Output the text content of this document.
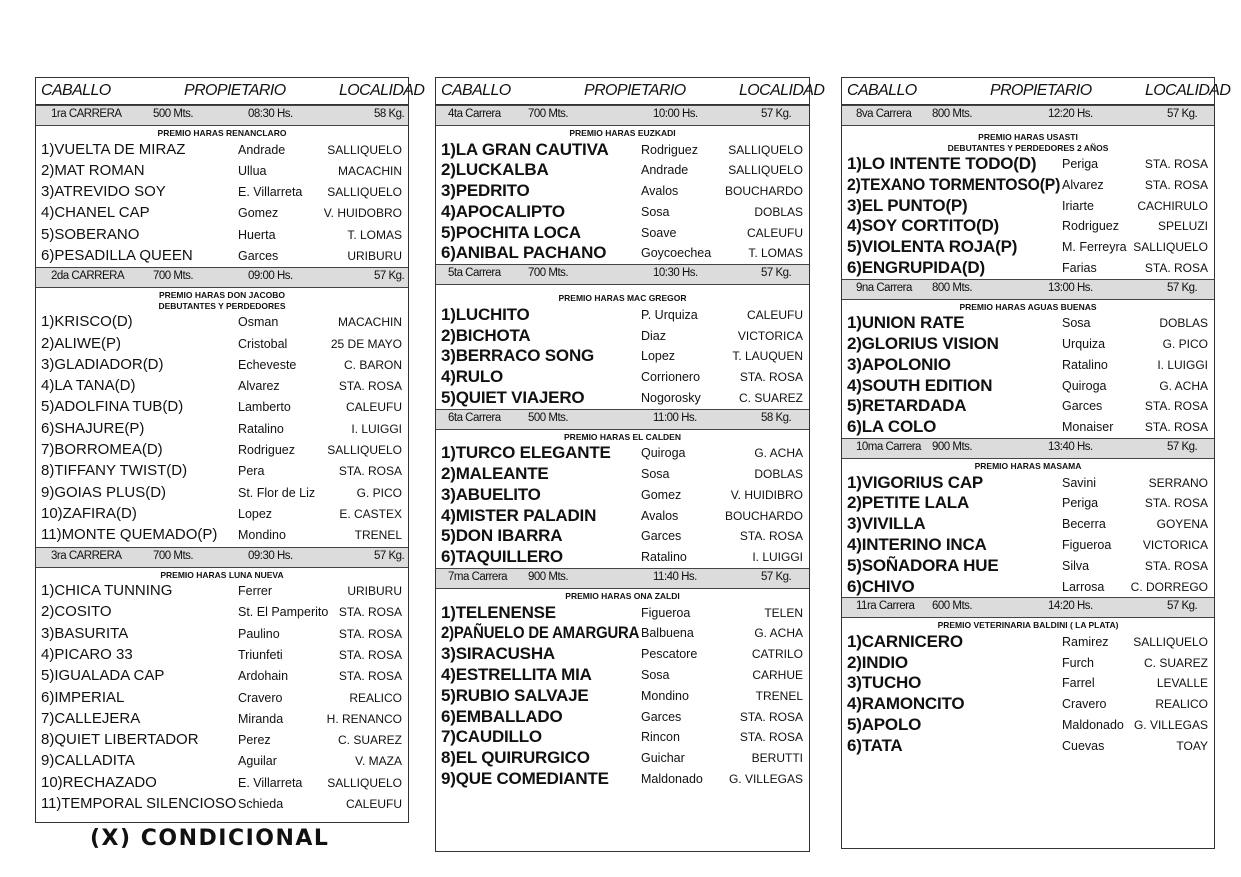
CABALLO	PROPIETARIO	LOCALIDAD
1ra CARRERA	500 Mts.	08:30 Hs.	58 Kg.
PREMIO HARAS RENANCLARO
1)VUELTA DE MIRAZ	Andrade	SALLIQUELO
2)MAT ROMAN	Ullua	MACACHIN
3)ATREVIDO SOY	E. Villarreta SALLIQUELO
4)CHANEL CAP	Gomez	V. HUIDOBRO
5)SOBERANO	Huerta	T. LOMAS
6)PESADILLA QUEEN	Garces	URIBURU
2da CARRERA	700 Mts.	09:00 Hs.	57 Kg.
PREMIO HARAS DON JACOBO
DEBUTANTES Y PERDEDORES
1)KRISCO(D)	Osman	MACACHIN
2)ALIWE(P)	Cristobal	25 DE MAYO
3)GLADIADOR(D)	Echeveste	C. BARON
4)LA TANA(D)	Alvarez	STA. ROSA
5)ADOLFINA TUB(D)	Lamberto	CALEUFU
6)SHAJURE(P)	Ratalino	I. LUIGGI
7)BORROMEA(D)	Rodriguez	SALLIQUELO
8)TIFFANY TWIST(D)	Pera	STA. ROSA
9)GOIAS PLUS(D)	St. Flor de Liz	G. PICO
10)ZAFIRA(D)	Lopez	E. CASTEX
11)MONTE QUEMADO(P) Mondino	TRENEL
3ra CARRERA	700 Mts.	09:30 Hs.	57 Kg.
PREMIO HARAS LUNA NUEVA
1)CHICA TUNNING	Ferrer	URIBURU
2)COSITO	St. El Pamperito STA. ROSA
3)BASURITA	Paulino	STA. ROSA
4)PICARO 33	Triunfeti	STA. ROSA
5)IGUALADA CAP	Ardohain	STA. ROSA
6)IMPERIAL	Cravero	REALICO
7)CALLEJERA	Miranda	H. RENANCO
8)QUIET LIBERTADOR	Perez	C. SUAREZ
9)CALLADITA	Aguilar	V. MAZA
10)RECHAZADO	E. Villarreta SALLIQUELO
11)TEMPORAL SILENCIOSO Schieda	CALEUFU
CABALLO	PROPIETARIO	LOCALIDAD
4ta Carrera 700 Mts.	10:00 Hs.	57 Kg.
PREMIO HARAS EUZKADI
1)LA GRAN CAUTIVA	Rodriguez	SALLIQUELO
2)LUCKALBA	Andrade	SALLIQUELO
3)PEDRITO	Avalos	BOUCHARDO
4)APOCALIPTO	Sosa	DOBLAS
5)POCHITA LOCA	Soave	CALEUFU
6)ANIBAL PACHANO	Goycoechea	T. LOMAS
5ta Carrera 700 Mts.	10:30 Hs.	57 Kg.
PREMIO HARAS MAC GREGOR
1)LUCHITO	P. Urquiza	CALEUFU
2)BICHOTA	Diaz	VICTORICA
3)BERRACO SONG	Lopez	T. LAUQUEN
4)RULO	Corrionero	STA. ROSA
5)QUIET VIAJERO	Nogorosky	C. SUAREZ
6ta Carrera 500 Mts.	11:00 Hs.	58 Kg.
PREMIO HARAS EL CALDEN
1)TURCO ELEGANTE Quiroga	G. ACHA
2)MALEANTE	Sosa	DOBLAS
3)ABUELITO	Gomez	V. HUIDIBRO
4)MISTER PALADIN	Avalos	BOUCHARDO
5)DON IBARRA	Garces	STA. ROSA
6)TAQUILLERO	Ratalino	I. LUIGGI
7ma Carrera 900 Mts.	11:40 Hs.	57 Kg.
PREMIO HARAS ONA ZALDI
1)TELENENSE	Figueroa	TELEN
2)PAÑUELO DE AMARGURA Balbuena	G. ACHA
3)SIRACUSHA	Pescatore	CATRILO
4)ESTRELLITA MIA	Sosa	CARHUE
5)RUBIO SALVAJE	Mondino	TRENEL
6)EMBALLADO	Garces	STA. ROSA
7)CAUDILLO	Rincon	STA. ROSA
8)EL QUIRURGICO	Guichar	BERUTTI
9)QUE COMEDIANTE	Maldonado G. VILLEGAS
CABALLO	PROPIETARIO	LOCALIDAD
8va Carrera 800 Mts.	12:20 Hs.	57 Kg.
PREMIO HARAS USASTI
DEBUTANTES Y PERDEDORES 2 AÑOS
1)LO INTENTE TODO(D) Periga	STA. ROSA
2)TEXANO TORMENTOSO(P) Alvarez	STA. ROSA
3)EL PUNTO(P)	Iriarte	CACHIRULO
4)SOY CORTITO(D)	Rodriguez	SPELUZI
5)VIOLENTA ROJA(P)	M. Ferreyra SALLIQUELO
6)ENGRUPIDA(D)	Farias	STA. ROSA
9na Carrera 800 Mts.	13:00 Hs.	57 Kg.
PREMIO HARAS AGUAS BUENAS
1)UNION RATE	Sosa	DOBLAS
2)GLORIUS VISION	Urquiza	G. PICO
3)APOLONIO	Ratalino	I. LUIGGI
4)SOUTH EDITION	Quiroga	G. ACHA
5)RETARDADA	Garces	STA. ROSA
6)LA COLO	Monaiser	STA. ROSA
10ma Carrera 900 Mts.	13:40 Hs.	57 Kg.
PREMIO HARAS MASAMA
1)VIGORIUS CAP	Savini	SERRANO
2)PETITE LALA	Periga	STA. ROSA
3)VIVILLA	Becerra	GOYENA
4)INTERINO INCA	Figueroa	VICTORICA
5)SOÑADORA HUE	Silva	STA. ROSA
6)CHIVO	Larrosa C. DORREGO
11ra Carrera 600 Mts.	14:20 Hs.	57 Kg.
PREMIO VETERINARIA BALDINI ( LA PLATA)
1)CARNICERO	Ramirez SALLIQUELO
2)INDIO	Furch	C. SUAREZ
3)TUCHO	Farrel	LEVALLE
4)RAMONCITO	Cravero	REALICO
5)APOLO	Maldonado G. VILLEGAS
6)TATA	Cuevas	TOAY
(X) CONDICIONAL
